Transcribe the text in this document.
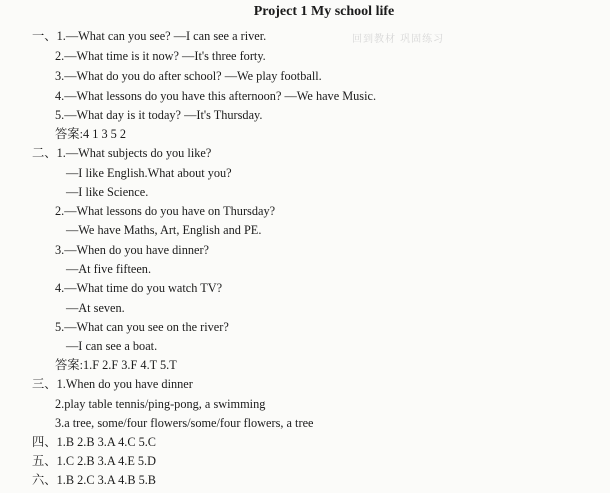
Project 1 My school life
回到教材 巩固练习
一、1.—What can you see? —I can see a river.
2.—What time is it now? —It's three forty.
3.—What do you do after school? —We play football.
4.—What lessons do you have this afternoon? —We have Music.
5.—What day is it today? —It's Thursday.
答案:4 1 3 5 2
二、1.—What subjects do you like?
—I like English.What about you?
—I like Science.
2.—What lessons do you have on Thursday?
—We have Maths, Art, English and PE.
3.—When do you have dinner?
—At five fifteen.
4.—What time do you watch TV?
—At seven.
5.—What can you see on the river?
—I can see a boat.
答案:1.F 2.F 3.F 4.T 5.T
三、1.When do you have dinner
2.play table tennis/ping-pong, a swimming
3.a tree, some/four flowers/some/four flowers, a tree
四、1.B 2.B 3.A 4.C 5.C
五、1.C 2.B 3.A 4.E 5.D
六、1.B 2.C 3.A 4.B 5.B
